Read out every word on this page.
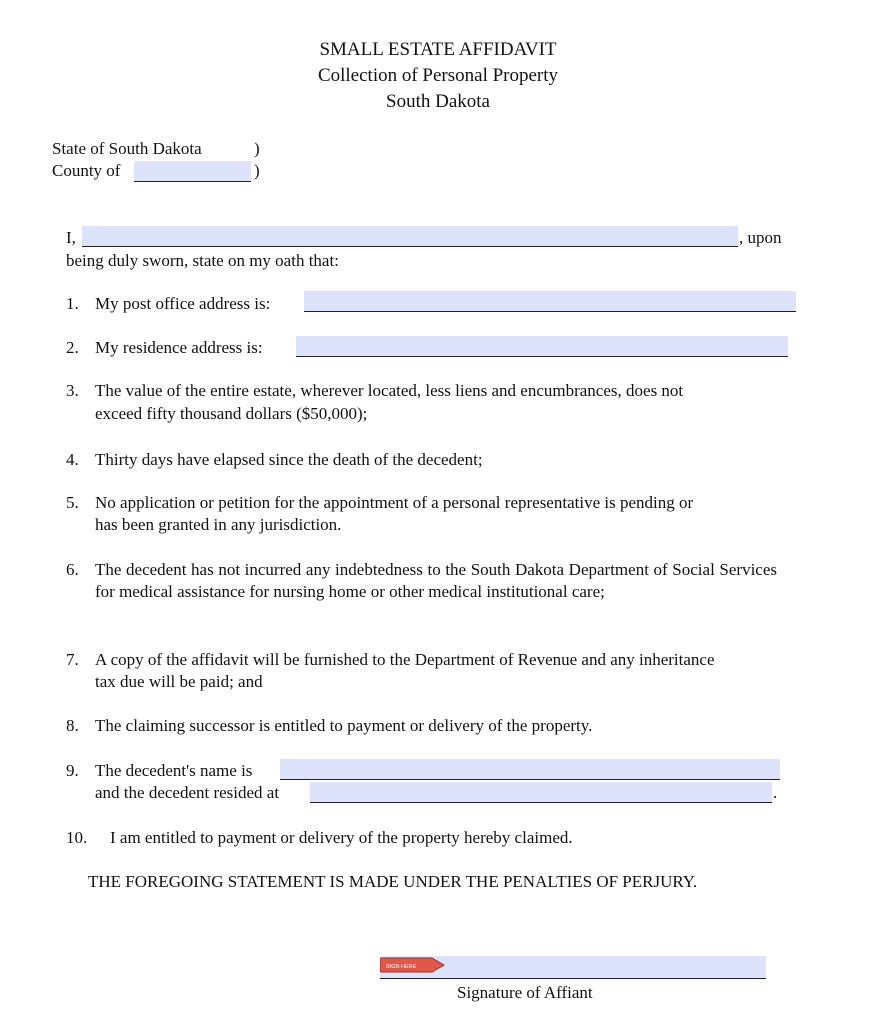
SMALL ESTATE AFFIDAVIT
Collection of Personal Property
South Dakota
State of South Dakota	)
County of	)
I,	, upon
being duly sworn, state on my oath that:
1. My post office address is:
2. My residence address is:
3. The value of the entire estate, wherever located, less liens and encumbrances, does not
exceed fifty thousand dollars ($50,000);
4. Thirty days have elapsed since the death of the decedent;
5. No application or petition for the appointment of a personal representative is pending or
has been granted in any jurisdiction.
6. The decedent has not incurred any indebtedness to the South Dakota Department of Social Services for medical assistance for nursing home or other medical institutional care;
7. A copy of the affidavit will be furnished to the Department of Revenue and any inheritance
tax due will be paid; and
8. The claiming successor is entitled to payment or delivery of the property.
9. The decedent's name is
and the decedent resided at	.
10. I am entitled to payment or delivery of the property hereby claimed.
THE FOREGOING STATEMENT IS MADE UNDER THE PENALTIES OF PERJURY.
SIGN HERE
Signature of Affiant
